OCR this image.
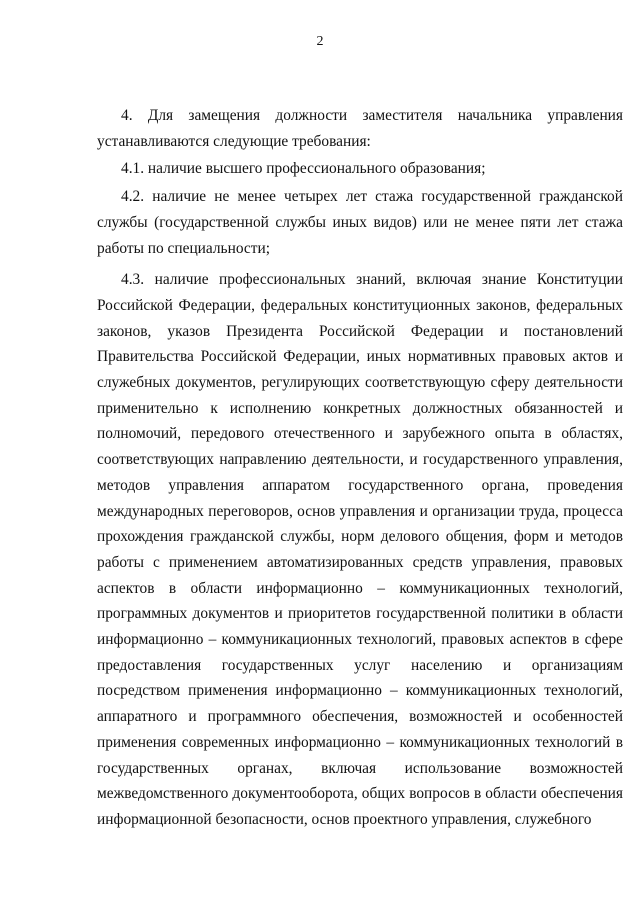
2

4. Для замещения должности заместителя начальника управления устанавливаются следующие требования:

4.1. наличие высшего профессионального образования;

4.2. наличие не менее четырех лет стажа государственной гражданской службы (государственной службы иных видов) или не менее пяти лет стажа работы по специальности;

4.3. наличие профессиональных знаний, включая знание Конституции Российской Федерации, федеральных конституционных законов, федеральных законов, указов Президента Российской Федерации и постановлений Правительства Российской Федерации, иных нормативных правовых актов и служебных документов, регулирующих соответствующую сферу деятельности применительно к исполнению конкретных должностных обязанностей и полномочий, передового отечественного и зарубежного опыта в областях, соответствующих направлению деятельности, и государственного управления, методов управления аппаратом государственного органа, проведения международных переговоров, основ управления и организации труда, процесса прохождения гражданской службы, норм делового общения, форм и методов работы с применением автоматизированных средств управления, правовых аспектов в области информационно – коммуникационных технологий, программных документов и приоритетов государственной политики в области информационно – коммуникационных технологий, правовых аспектов в сфере предоставления государственных услуг населению и организациям посредством применения информационно – коммуникационных технологий, аппаратного и программного обеспечения, возможностей и особенностей применения современных информационно – коммуникационных технологий в государственных органах, включая использование возможностей межведомственного документооборота, общих вопросов в области обеспечения информационной безопасности, основ проектного управления, служебного
